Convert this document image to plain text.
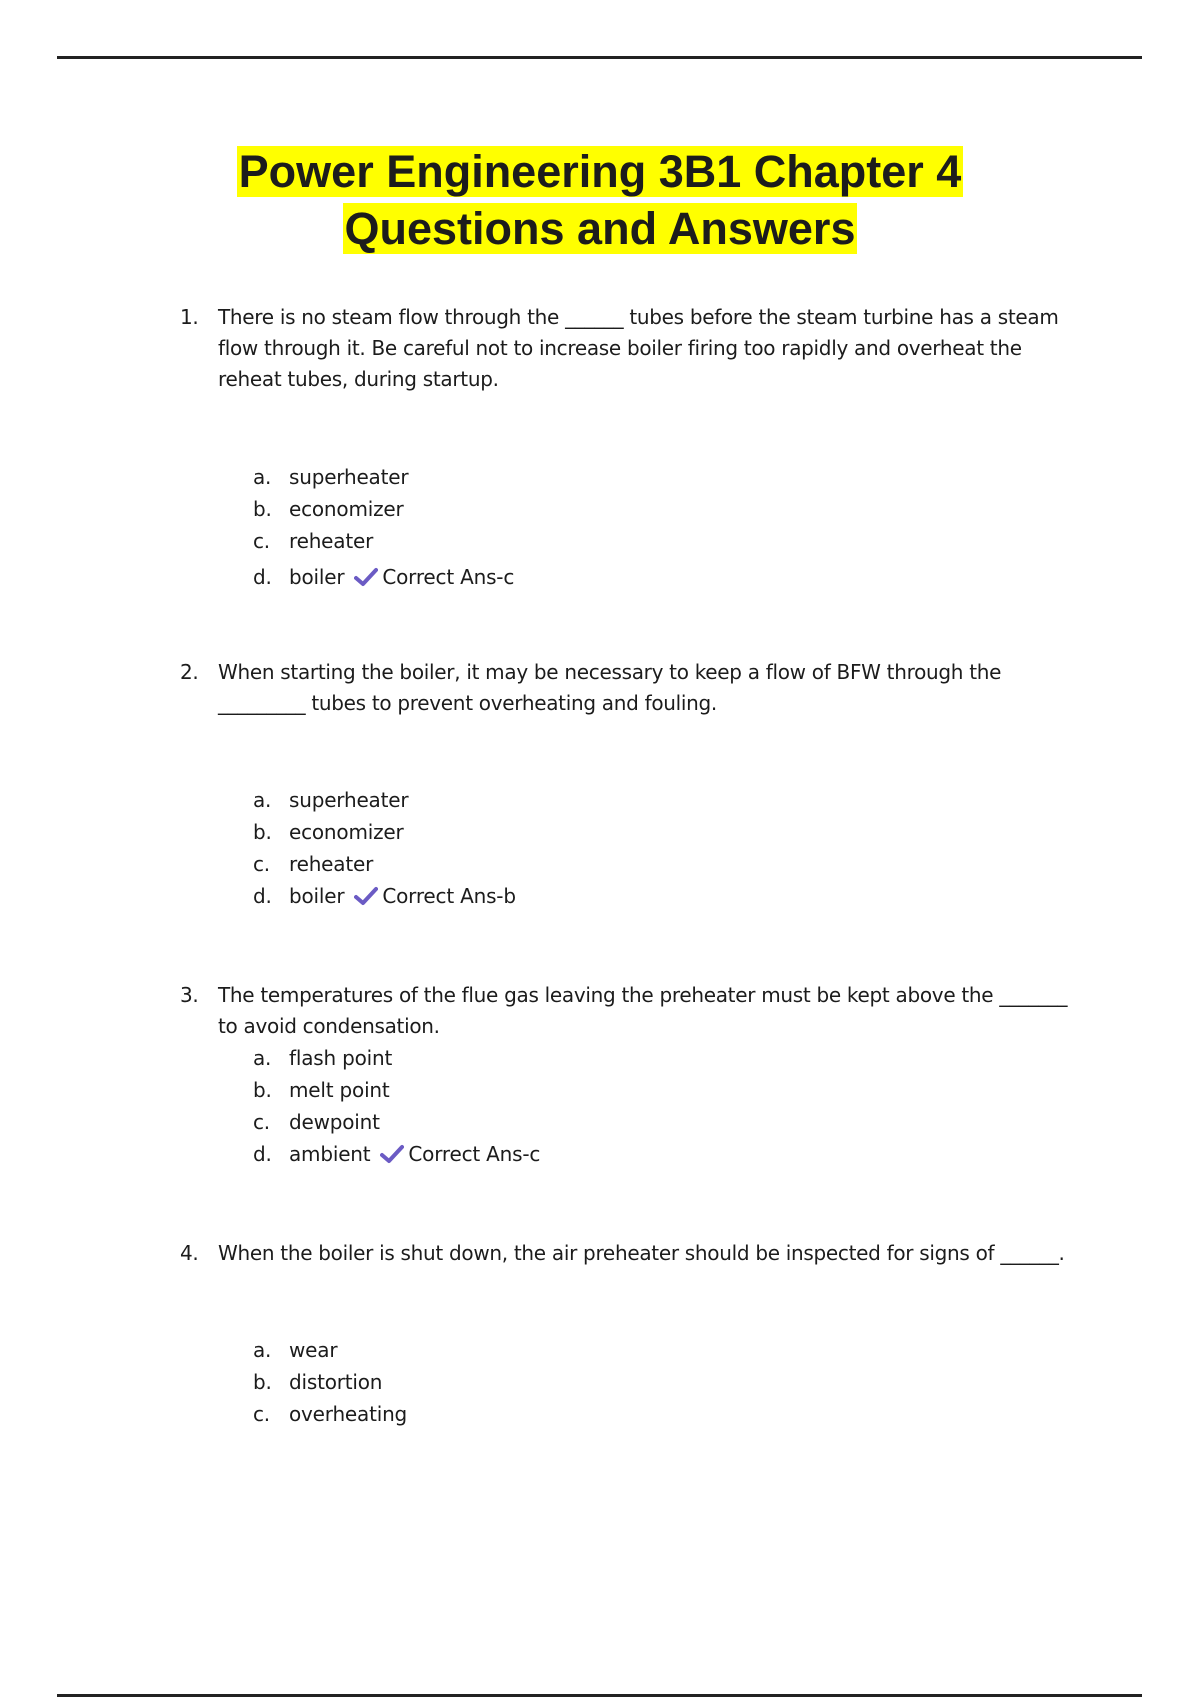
Power Engineering 3B1 Chapter 4
Questions and Answers
1. There is no steam flow through the ______ tubes before the steam turbine has a steam flow through it. Be careful not to increase boiler firing too rapidly and overheat the reheat tubes, during startup.
a. superheater
b. economizer
c. reheater
d. boiler Correct Ans-c
2. When starting the boiler, it may be necessary to keep a flow of BFW through the _________ tubes to prevent overheating and fouling.
a. superheater
b. economizer
c. reheater
d. boiler Correct Ans-b
3. The temperatures of the flue gas leaving the preheater must be kept above the _______ to avoid condensation.
a. flash point
b. melt point
c. dewpoint
d. ambient Correct Ans-c
4. When the boiler is shut down, the air preheater should be inspected for signs of ______.
a. wear
b. distortion
c. overheating
